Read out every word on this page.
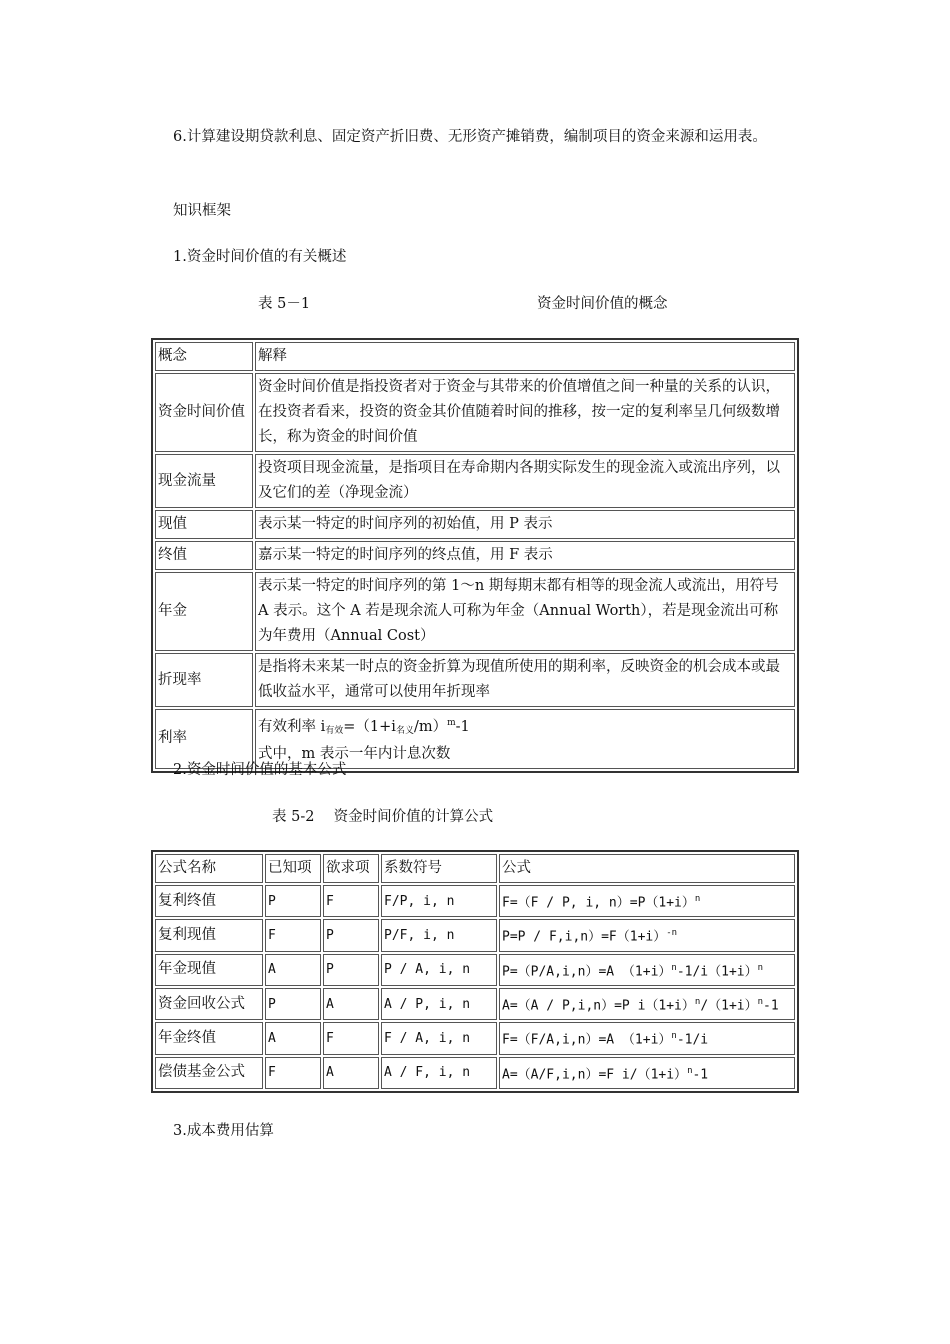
6.计算建设期贷款利息、固定资产折旧费、无形资产摊销费，编制项目的资金来源和运用表。
知识框架
1.资金时间价值的有关概述
表 5－1	资金时间价值的概念
概念	解释
资金时间价值	资金时间价值是指投资者对于资金与其带来的价值增值之间一种量的关系的认识，在投资者看来，投资的资金其价值随着时间的推移，按一定的复利率呈几何级数增长，称为资金的时间价值
现金流量	投资项目现金流量，是指项目在寿命期内各期实际发生的现金流入或流出序列，以及它们的差（净现金流）
现值	表示某一特定的时间序列的初始值，用 P 表示
终值	嘉示某一特定的时间序列的终点值，用 F 表示
年金	表示某一特定的时间序列的第 1～n 期每期末都有相等的现金流人或流出，用符号 A 表示。这个 A 若是现余流人可称为年金（Annual Worth），若是现金流出可称为年费用（Annual Cost）
折现率	是指将未来某一时点的资金折算为现值所使用的期利率，反映资金的机会成本或最低收益水平，通常可以使用年折现率
利率	有效利率 i有效=（1+i名义/m）$^m$-1
式中，m 表示一年内计息次数
2.资金时间价值的基本公式
表 5-2　 资金时间价值的计算公式
公式名称	已知项	欲求项	系数符号	公式
复利终值	P	F	F/P, i, n	F=（F / P, i, $n)=P(1+i)^n$
复利现值	F	P	P/F, i, n	$P=P / F,i,n)=F(1+i)^{-n}$
年金现值	A	P	P / A, i, n	P=（P/A,i,n）=A $(1+i)^n-1/i(1+i)^n$
资金回收公式	P	A	A / P, i, n	A=（A / P,i,n）=P $i(1+i)^n/(1+i)^n-1$
年金终值	A	F	F / A, i, n	F=（F/A,i,n）=A $(1+i)^n-1/i$
偿债基金公式	F	A	A / F, i, n	A=（A/F,i,n）=F $i/(1+i)^n-1$
3.成本费用估算
